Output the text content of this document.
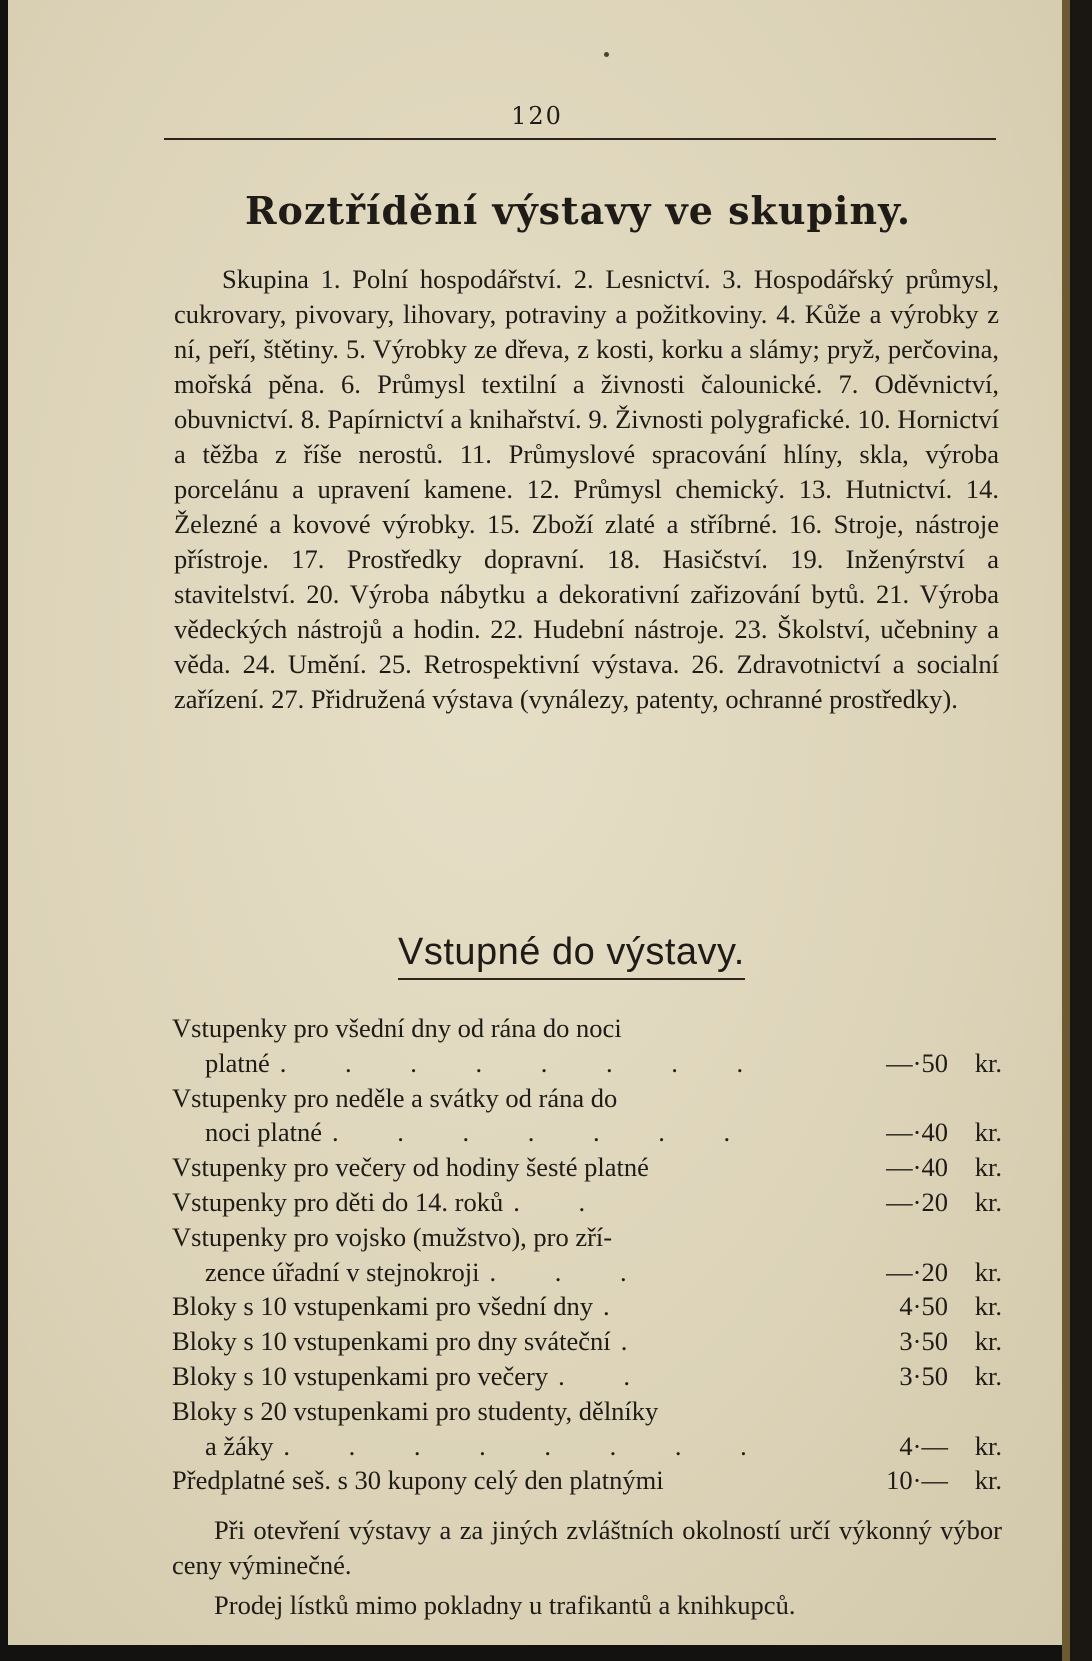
120
Roztřídění výstavy ve skupiny.

Skupina 1. Polní hospodářství. 2. Lesnictví. 3. Hospodářský průmysl, cukrovary, pivovary, lihovary, potraviny a požitkoviny. 4. Kůže a výrobky z ní, peří, štětiny. 5. Výrobky ze dřeva, z kosti, korku a slámy; pryž, perčovina, mořská pěna. 6. Průmysl textilní a živnosti čalounické. 7. Oděvnictví, obuvnictví. 8. Papírnictví a knihařství. 9. Živnosti polygrafické. 10. Hornictví a těžba z říše nerostů. 11. Průmyslové spracování hlíny, skla, výroba porcelánu a upravení kamene. 12. Průmysl chemický. 13. Hutnictví. 14. Železné a kovové výrobky. 15. Zboží zlaté a stříbrné. 16. Stroje, nástroje přístroje. 17. Prostředky dopravní. 18. Hasičství. 19. Inženýrství a stavitelství. 20. Výroba nábytku a dekorativní zařizování bytů. 21. Výroba vědeckých nástrojů a hodin. 22. Hudební nástroje. 23. Školství, učebniny a věda. 24. Umění. 25. Retrospektivní výstava. 26. Zdravotnictví a socialní zařízení. 27. Přidružená výstava (vynálezy, patenty, ochranné prostředky).

Vstupné do výstavy.
Vstupenky pro všední dny od rána do noci
platné . . . . . . . .	—·50 kr.
Vstupenky pro neděle a svátky od rána do
noci platné . . . . . . .	—·40 kr.
Vstupenky pro večery od hodiny šesté platné	—·40 kr.
Vstupenky pro děti do 14. roků . .	—·20 kr.
Vstupenky pro vojsko (mužstvo), pro zří-
zence úřadní v stejnokroji . . .	—·20 kr.
Bloky s 10 vstupenkami pro všední dny .	4·50 kr.
Bloky s 10 vstupenkami pro dny sváteční .	3·50 kr.
Bloky s 10 vstupenkami pro večery . .	3·50 kr.
Bloky s 20 vstupenkami pro studenty, dělníky
a žáky . . . . . . . .	4·— kr.
Předplatné seš. s 30 kupony celý den platnými	10·— kr.

Při otevření výstavy a za jiných zvláštních okolností určí výkonný výbor ceny výminečné.

Prodej lístků mimo pokladny u trafikantů a knihkupců.
